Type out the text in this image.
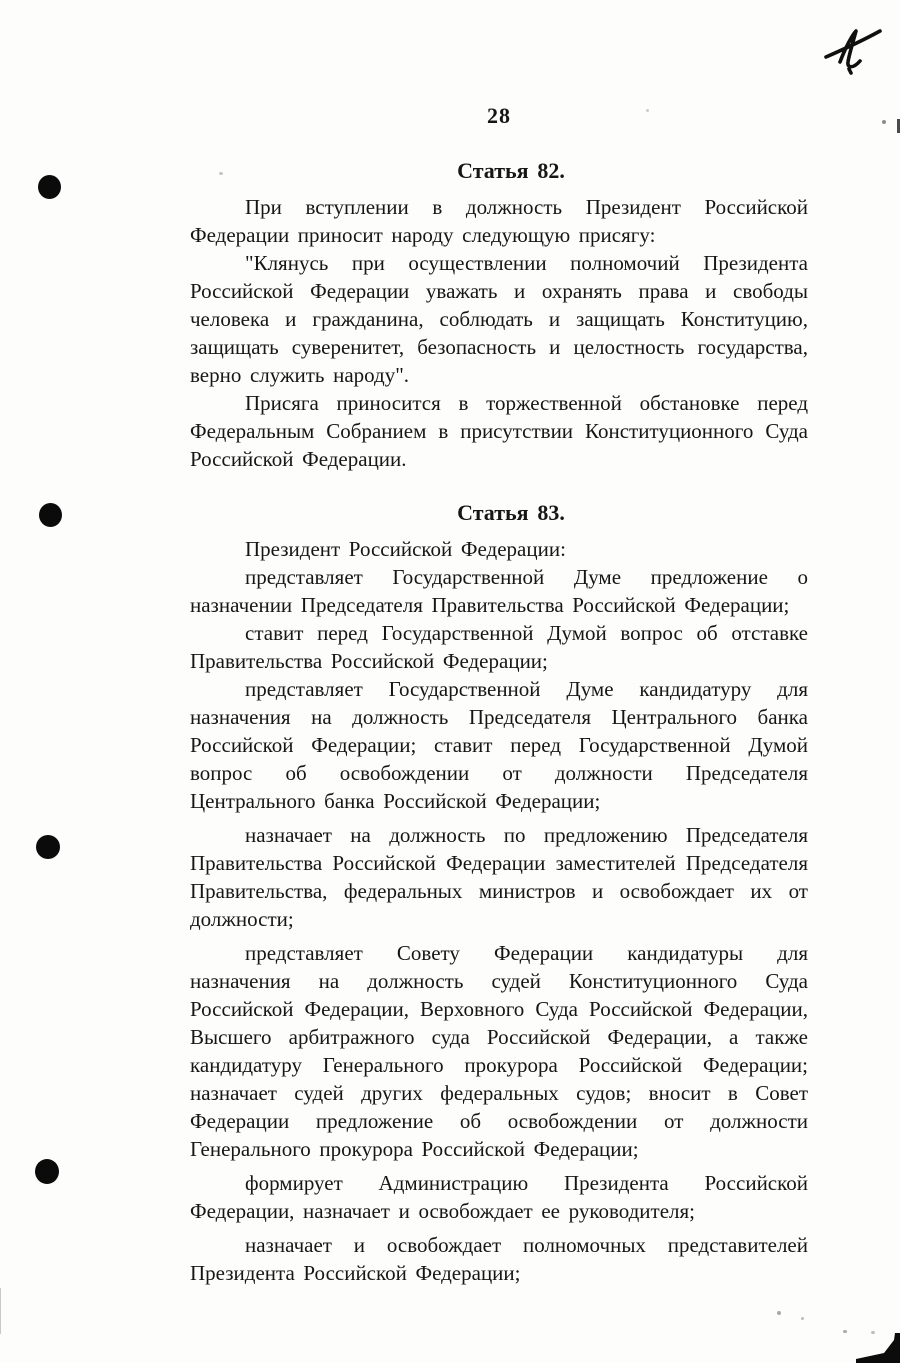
28
Статья 82.

При вступлении в должность Президент Российской Федерации приносит народу следующую присягу:

"Клянусь при осуществлении полномочий Президента Российской Федерации уважать и охранять права и свободы человека и гражданина, соблюдать и защищать Конституцию, защищать суверенитет, безопасность и целостность государства, верно служить народу".

Присяга приносится в торжественной обстановке перед Федеральным Собранием в присутствии Конституционного Суда Российской Федерации.

Статья 83.

Президент Российской Федерации:

представляет Государственной Думе предложение о назначении Председателя Правительства Российской Федерации;

ставит перед Государственной Думой вопрос об отставке Правительства Российской Федерации;

представляет Государственной Думе кандидатуру для назначения на должность Председателя Центрального банка Российской Федерации; ставит перед Государственной Думой вопрос об освобождении от должности Председателя Центрального банка Российской Федерации;

назначает на должность по предложению Председателя Правительства Российской Федерации заместителей Председателя Правительства, федеральных министров и освобождает их от должности;

представляет Совету Федерации кандидатуры для назначения на должность судей Конституционного Суда Российской Федерации, Верховного Суда Российской Федерации, Высшего арбитражного суда Российской Федерации, а также кандидатуру Генерального прокурора Российской Федерации; назначает судей других федеральных судов; вносит в Совет Федерации предложение об освобождении от должности Генерального прокурора Российской Федерации;

формирует Администрацию Президента Российской Федерации, назначает и освобождает ее руководителя;

назначает и освобождает полномочных представителей Президента Российской Федерации;
